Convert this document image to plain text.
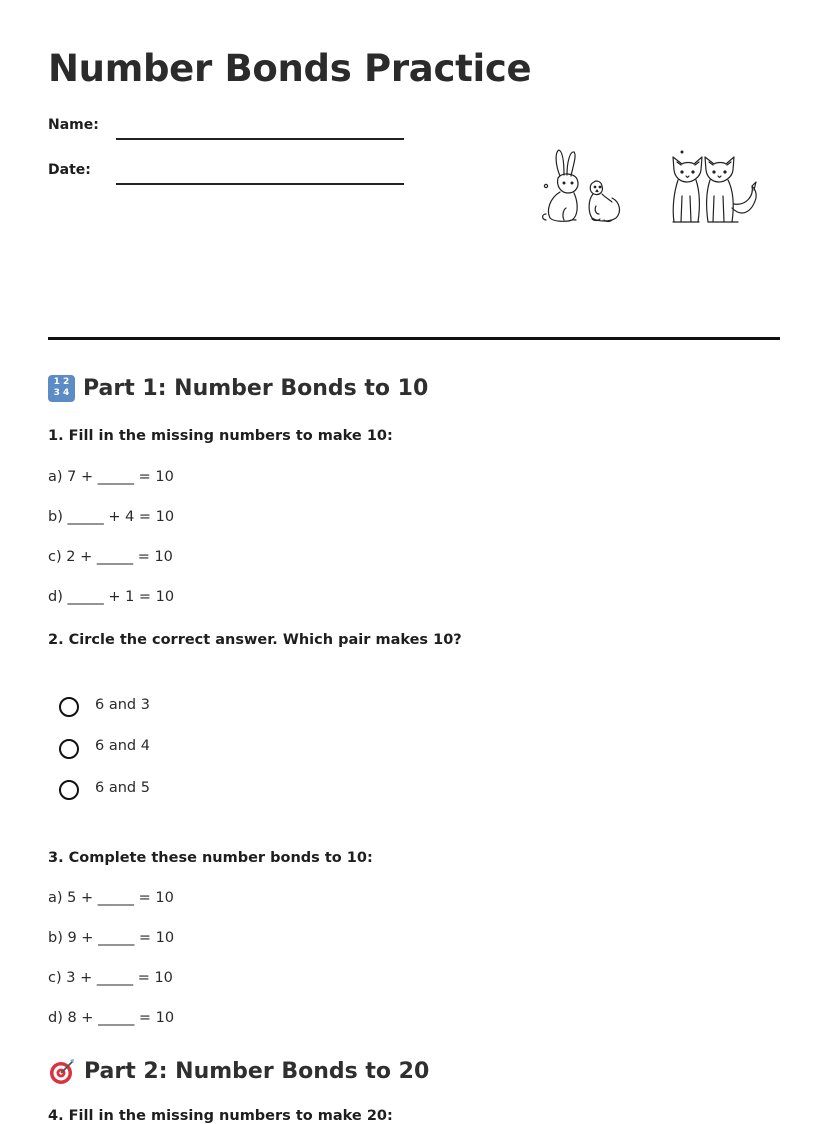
Number Bonds Practice
Name:
Date:
1 2
3 4 Part 1: Number Bonds to 10
1. Fill in the missing numbers to make 10:
a) 7 + _____ = 10
b) _____ + 4 = 10
c) 2 + _____ = 10
d) _____ + 1 = 10
2. Circle the correct answer. Which pair makes 10?
6 and 3
6 and 4
6 and 5
3. Complete these number bonds to 10:
a) 5 + _____ = 10
b) 9 + _____ = 10
c) 3 + _____ = 10
d) 8 + _____ = 10
Part 2: Number Bonds to 20
4. Fill in the missing numbers to make 20:
